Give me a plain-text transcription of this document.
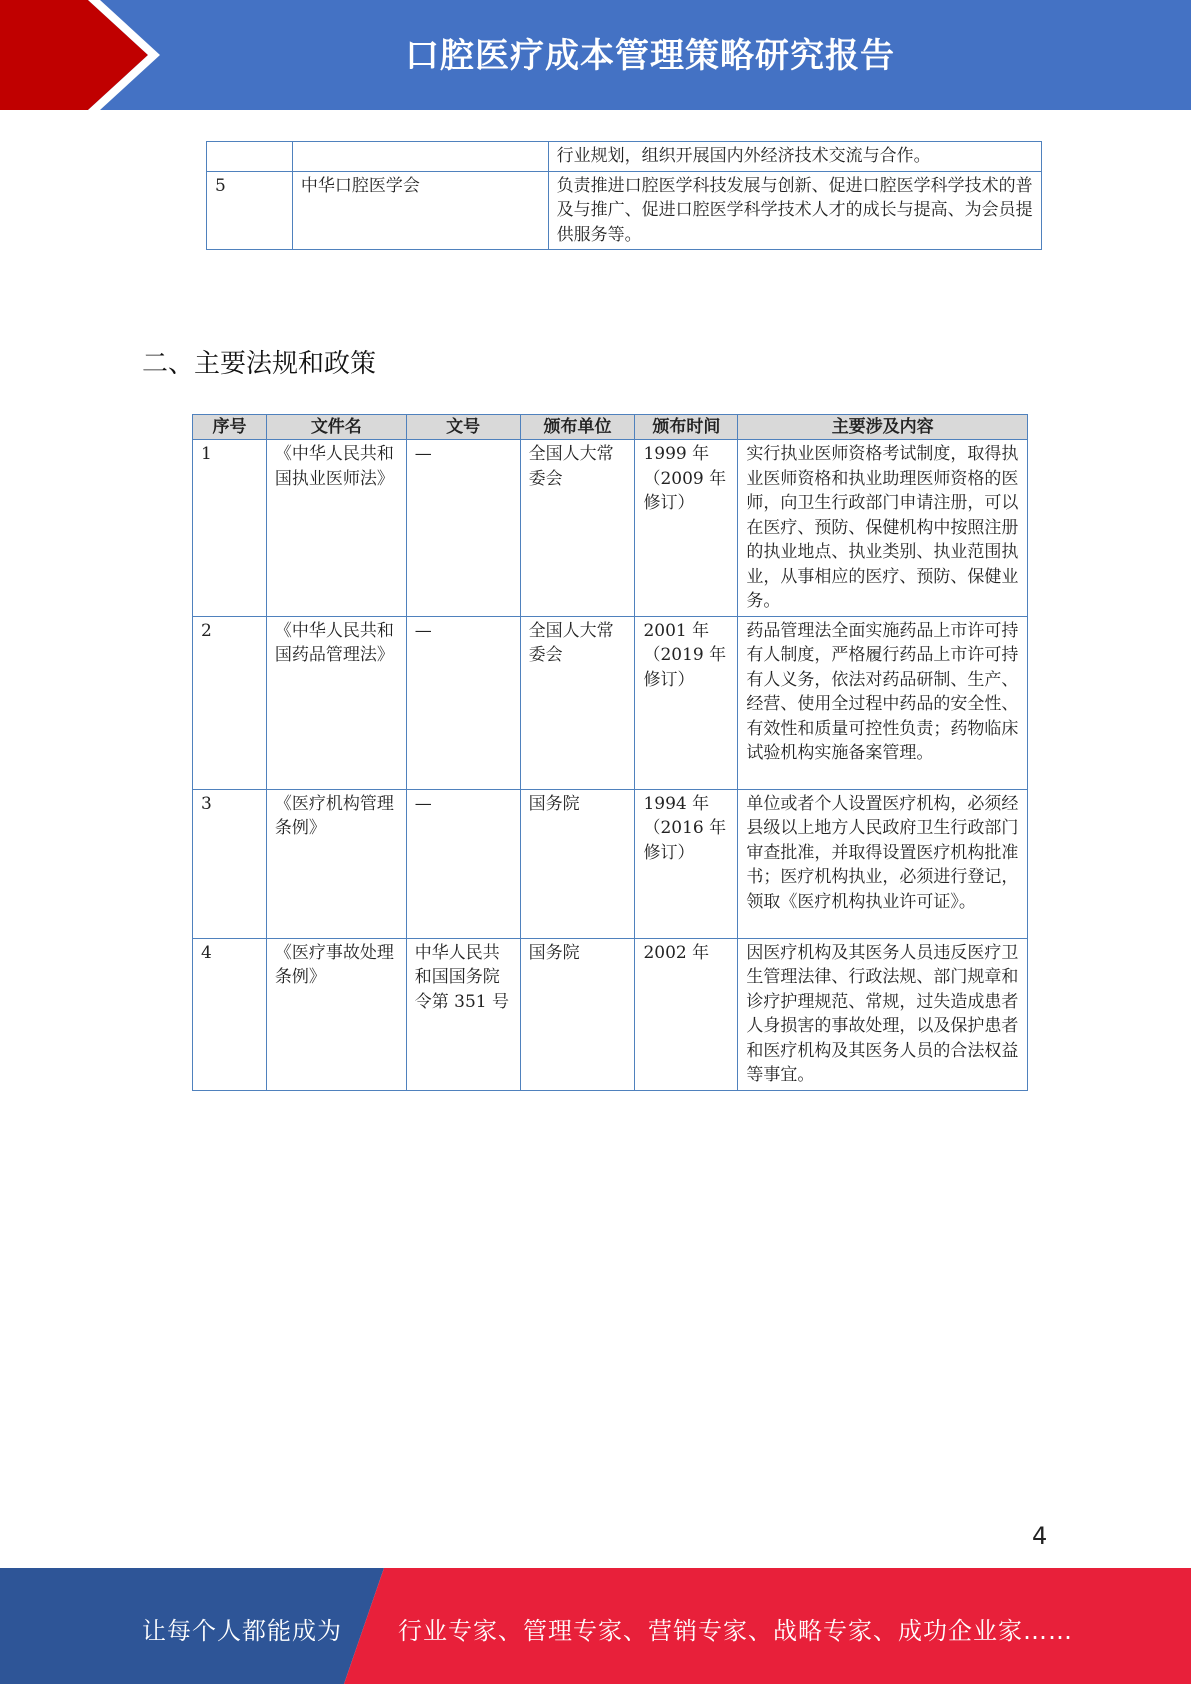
口腔医疗成本管理策略研究报告
		行业规划，组织开展国内外经济技术交流与合作。
5	中华口腔医学会	负责推进口腔医学科技发展与创新、促进口腔医学科学技术的普及与推广、促进口腔医学科学技术人才的成长与提高、为会员提供服务等。
二、主要法规和政策
序号	文件名	文号	颁布单位	颁布时间	主要涉及内容
1	《中华人民共和国执业医师法》	—	全国人大常委会	1999 年（2009 年修订）	实行执业医师资格考试制度，取得执业医师资格和执业助理医师资格的医师，向卫生行政部门申请注册，可以在医疗、预防、保健机构中按照注册的执业地点、执业类别、执业范围执业，从事相应的医疗、预防、保健业务。
2	《中华人民共和国药品管理法》	—	全国人大常委会	2001 年（2019 年修订）	药品管理法全面实施药品上市许可持有人制度，严格履行药品上市许可持有人义务，依法对药品研制、生产、经营、使用全过程中药品的安全性、有效性和质量可控性负责；药物临床试验机构实施备案管理。
3	《医疗机构管理条例》	—	国务院	1994 年（2016 年修订）	单位或者个人设置医疗机构，必须经县级以上地方人民政府卫生行政部门审查批准，并取得设置医疗机构批准书；医疗机构执业，必须进行登记，领取《医疗机构执业许可证》。
4	《医疗事故处理条例》	中华人民共和国国务院令第 351 号	国务院	2002 年	因医疗机构及其医务人员违反医疗卫生管理法律、行政法规、部门规章和诊疗护理规范、常规，过失造成患者人身损害的事故处理，以及保护患者和医疗机构及其医务人员的合法权益等事宜。
4
让每个人都能成为 行业专家、管理专家、营销专家、战略专家、成功企业家……
